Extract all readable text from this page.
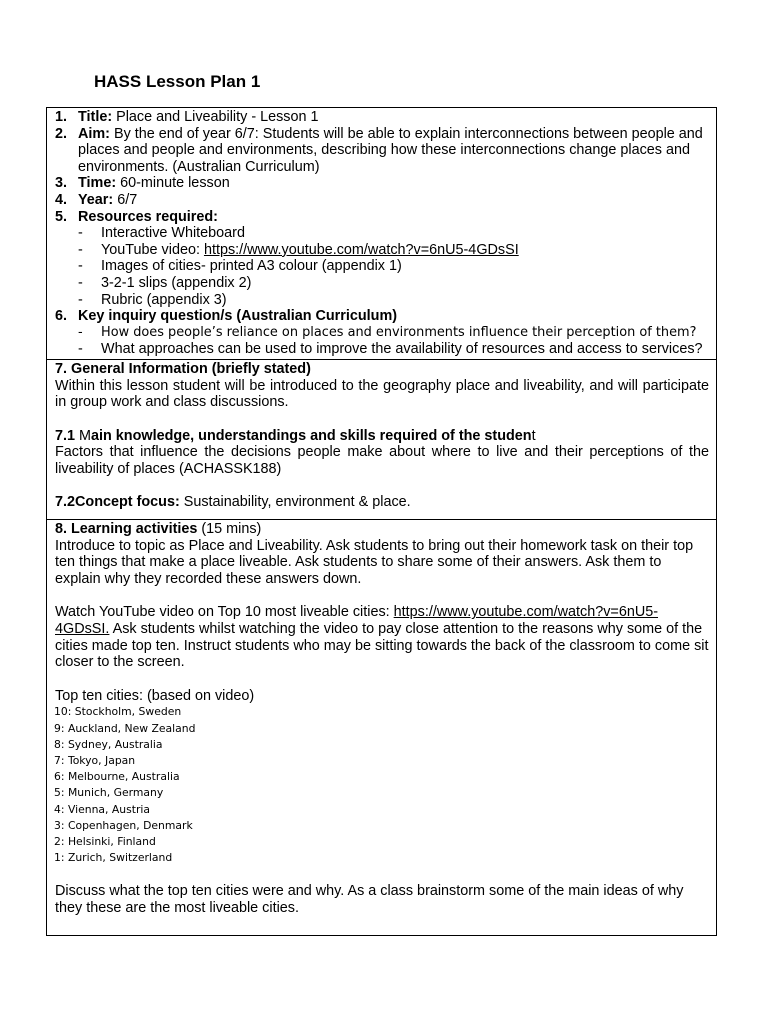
HASS Lesson Plan 1
1. Title: Place and Liveability - Lesson 1
2. Aim: By the end of year 6/7: Students will be able to explain interconnections between people and places and people and environments, describing how these interconnections change places and environments. (Australian Curriculum)
3. Time: 60-minute lesson
4. Year: 6/7
5. Resources required:
- Interactive Whiteboard
- YouTube video: https://www.youtube.com/watch?v=6nU5-4GDsSI
- Images of cities- printed A3 colour (appendix 1)
- 3-2-1 slips (appendix 2)
- Rubric (appendix 3)
6. Key inquiry question/s (Australian Curriculum)
- How does people’s reliance on places and environments influence their perception of them?
- What approaches can be used to improve the availability of resources and access to services?

7. General Information (briefly stated)
Within this lesson student will be introduced to the geography place and liveability, and will participate in group work and class discussions.
7.1 Main knowledge, understandings and skills required of the student
Factors that influence the decisions people make about where to live and their perceptions of the liveability of places (ACHASSK188)
7.2Concept focus: Sustainability, environment & place.

8. Learning activities (15 mins)
Introduce to topic as Place and Liveability. Ask students to bring out their homework task on their top ten things that make a place liveable. Ask students to share some of their answers. Ask them to explain why they recorded these answers down.
Watch YouTube video on Top 10 most liveable cities: https://www.youtube.com/watch?v=6nU5-4GDsSI. Ask students whilst watching the video to pay close attention to the reasons why some of the cities made top ten. Instruct students who may be sitting towards the back of the classroom to come sit closer to the screen.
Top ten cities: (based on video)
10: Stockholm, Sweden
9: Auckland, New Zealand
8: Sydney, Australia
7: Tokyo, Japan
6: Melbourne, Australia
5: Munich, Germany
4: Vienna, Austria
3: Copenhagen, Denmark
2: Helsinki, Finland
1: Zurich, Switzerland
Discuss what the top ten cities were and why. As a class brainstorm some of the main ideas of why they these are the most liveable cities.
